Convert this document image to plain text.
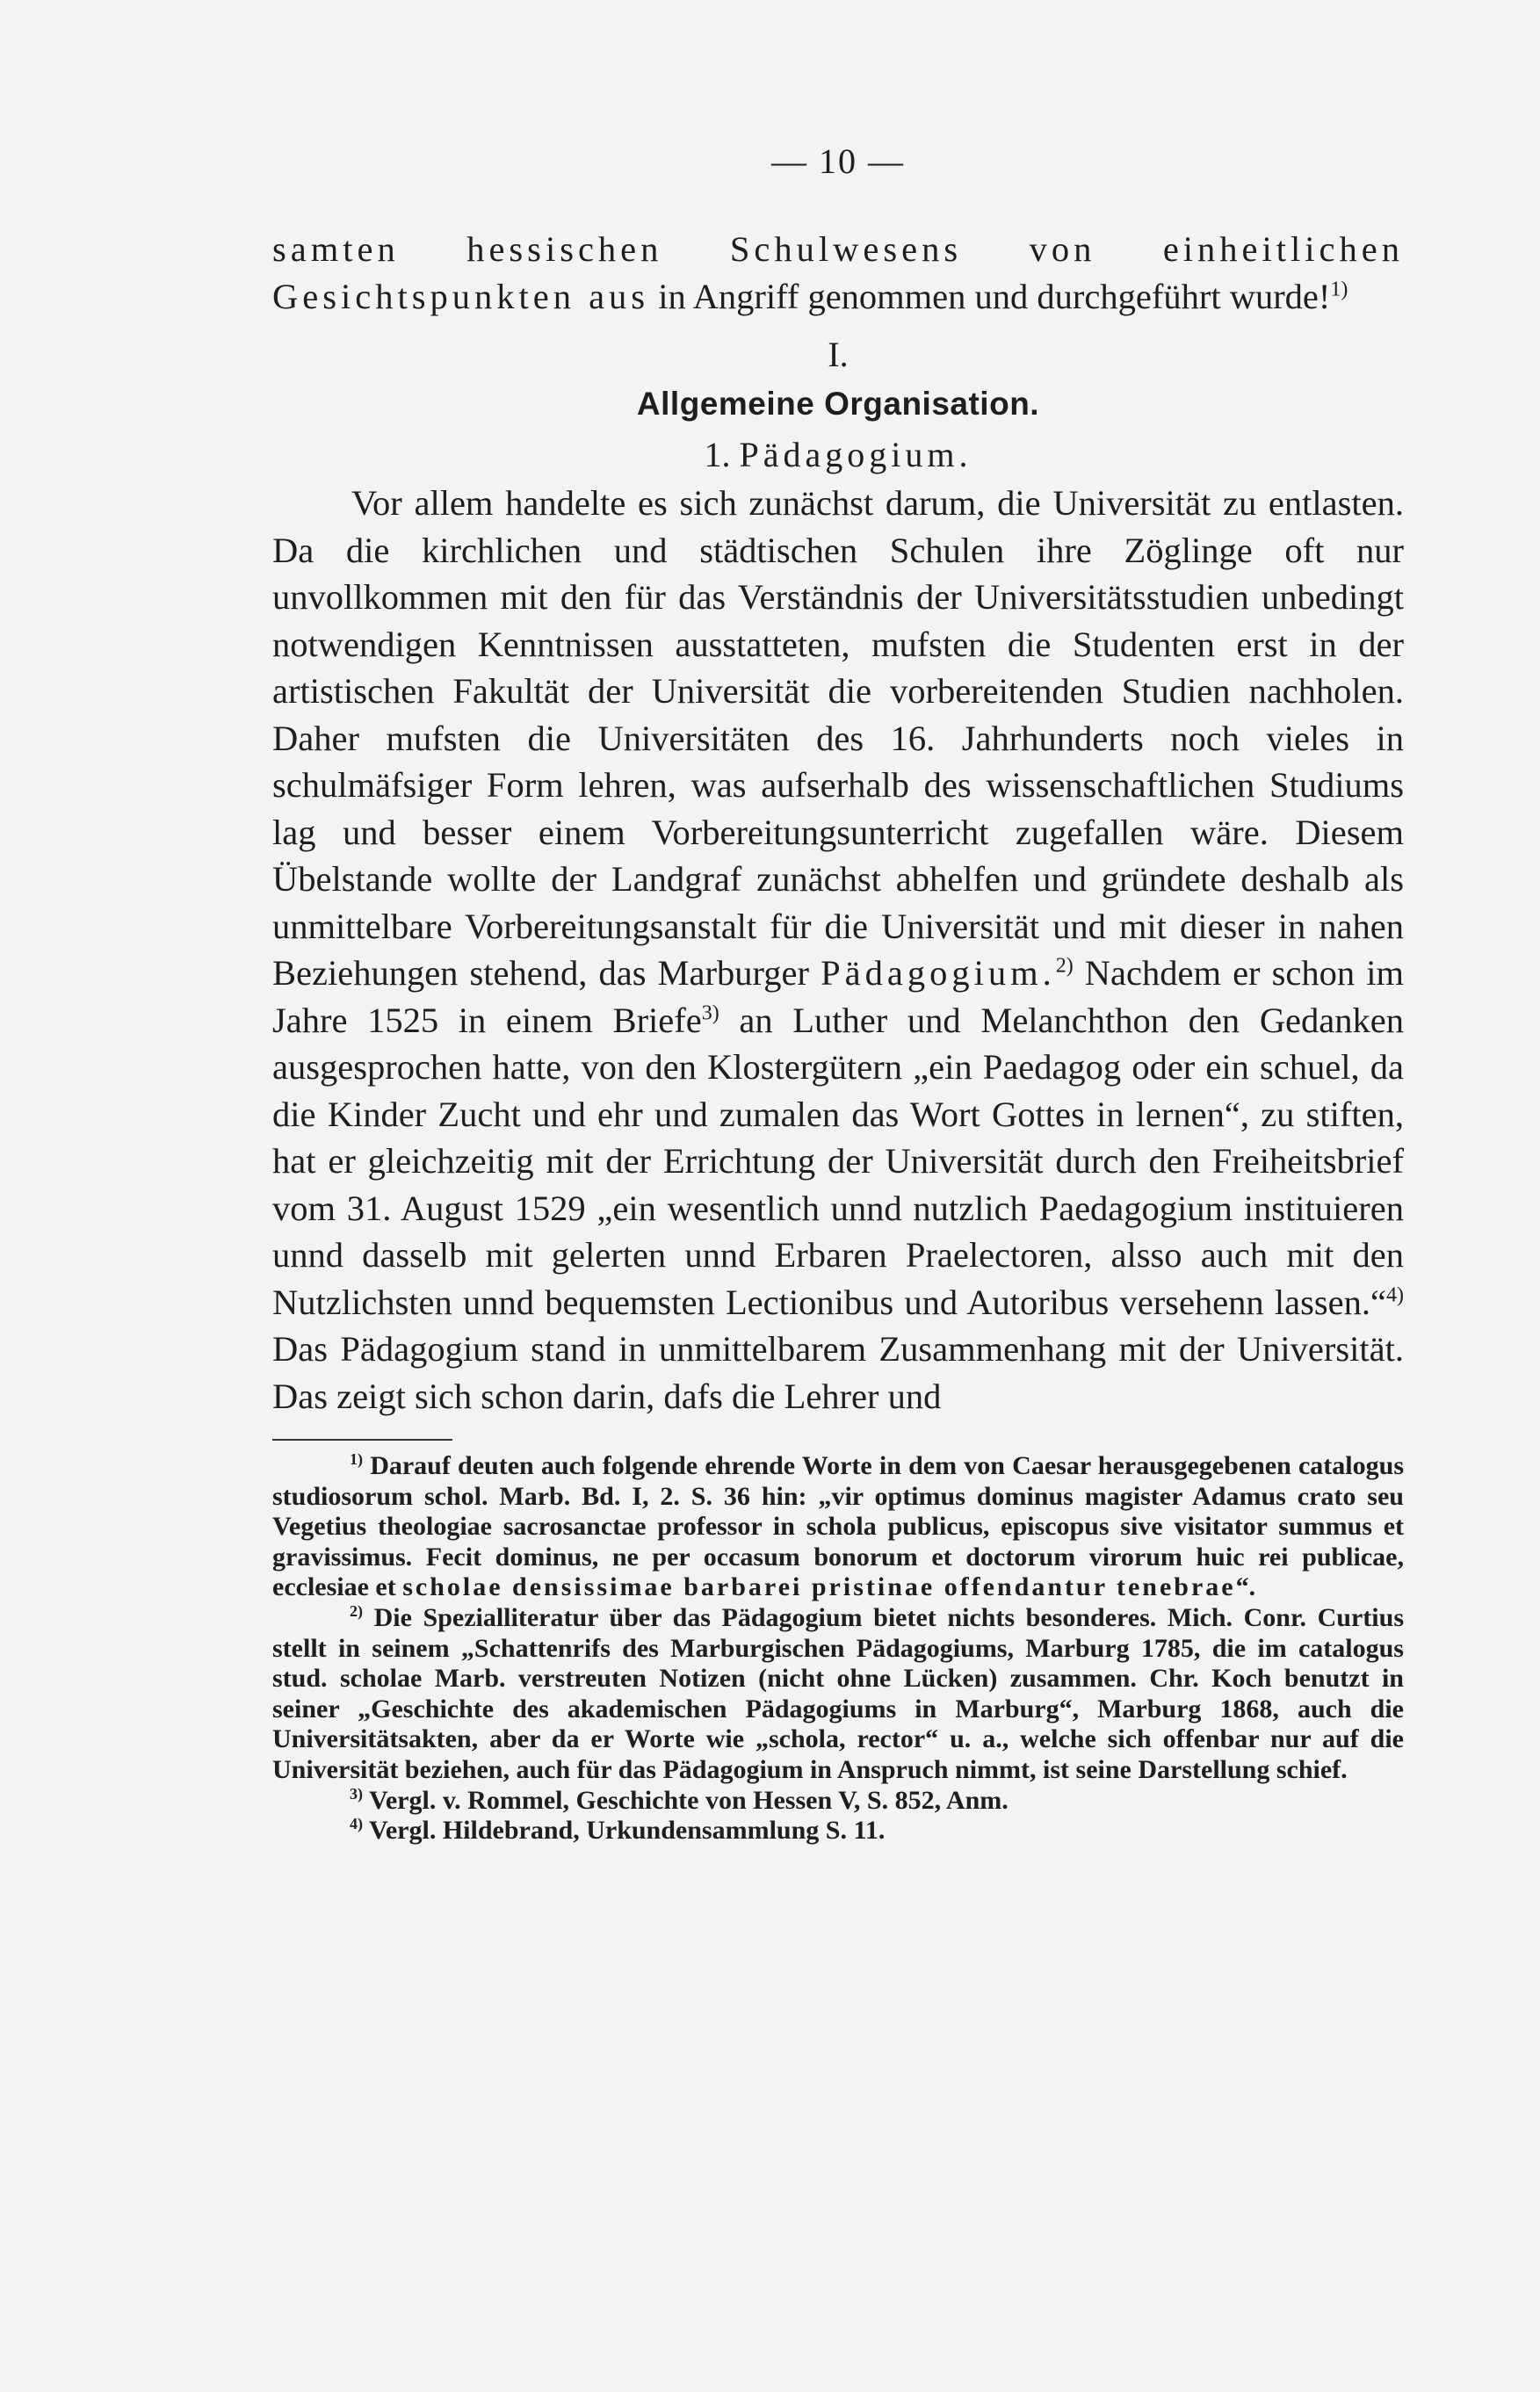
— 10 —

samten hessischen Schulwesens von einheitlichen Gesichtspunkten aus in Angriff genommen und durchgeführt wurde!$^{1)}$

I.
Allgemeine Organisation.
1. Pädagogium.

Vor allem handelte es sich zunächst darum, die Universität zu entlasten. Da die kirchlichen und städtischen Schulen ihre Zöglinge oft nur unvollkommen mit den für das Verständnis der Universitätsstudien unbedingt notwendigen Kenntnissen ausstatteten, mufsten die Studenten erst in der artistischen Fakultät der Universität die vorbereitenden Studien nachholen. Daher mufsten die Universitäten des 16. Jahrhunderts noch vieles in schulmäfsiger Form lehren, was aufserhalb des wissenschaftlichen Studiums lag und besser einem Vorbereitungsunterricht zugefallen wäre. Diesem Übelstande wollte der Landgraf zunächst abhelfen und gründete deshalb als unmittelbare Vorbereitungsanstalt für die Universität und mit dieser in nahen Beziehungen stehend, das Marburger Pädagogium.$^{2)}$ Nachdem er schon im Jahre 1525 in einem Briefe$^{3)}$ an Luther und Melanchthon den Gedanken ausgesprochen hatte, von den Klostergütern „ein Paedagog oder ein schuel, da die Kinder Zucht und ehr und zumalen das Wort Gottes in lernen“, zu stiften, hat er gleichzeitig mit der Errichtung der Universität durch den Freiheitsbrief vom 31. August 1529 „ein wesentlich unnd nutzlich Paedagogium instituieren unnd dasselb mit gelerten unnd Erbaren Praelectoren, alsso auch mit den Nutzlichsten unnd bequemsten Lectionibus und Autoribus versehenn lassen.“$^{4)}$ Das Pädagogium stand in unmittelbarem Zusammenhang mit der Universität. Das zeigt sich schon darin, dafs die Lehrer und

$^{1)}$ Darauf deuten auch folgende ehrende Worte in dem von Caesar herausgegebenen catalogus studiosorum schol. Marb. Bd. I, 2. S. 36 hin: „vir optimus dominus magister Adamus crato seu Vegetius theologiae sacrosanctae professor in schola publicus, episcopus sive visitator summus et gravissimus. Fecit dominus, ne per occasum bonorum et doctorum virorum huic rei publicae, ecclesiae et scholae densissimae barbarei pristinae offendantur tenebrae“.

$^{2)}$ Die Spezialliteratur über das Pädagogium bietet nichts besonderes. Mich. Conr. Curtius stellt in seinem „Schattenrifs des Marburgischen Pädagogiums, Marburg 1785, die im catalogus stud. scholae Marb. verstreuten Notizen (nicht ohne Lücken) zusammen. Chr. Koch benutzt in seiner „Geschichte des akademischen Pädagogiums in Marburg“, Marburg 1868, auch die Universitätsakten, aber da er Worte wie „schola, rector“ u. a., welche sich offenbar nur auf die Universität beziehen, auch für das Pädagogium in Anspruch nimmt, ist seine Darstellung schief.

$^{3)}$ Vergl. v. Rommel, Geschichte von Hessen V, S. 852, Anm.

$^{4)}$ Vergl. Hildebrand, Urkundensammlung S. 11.
